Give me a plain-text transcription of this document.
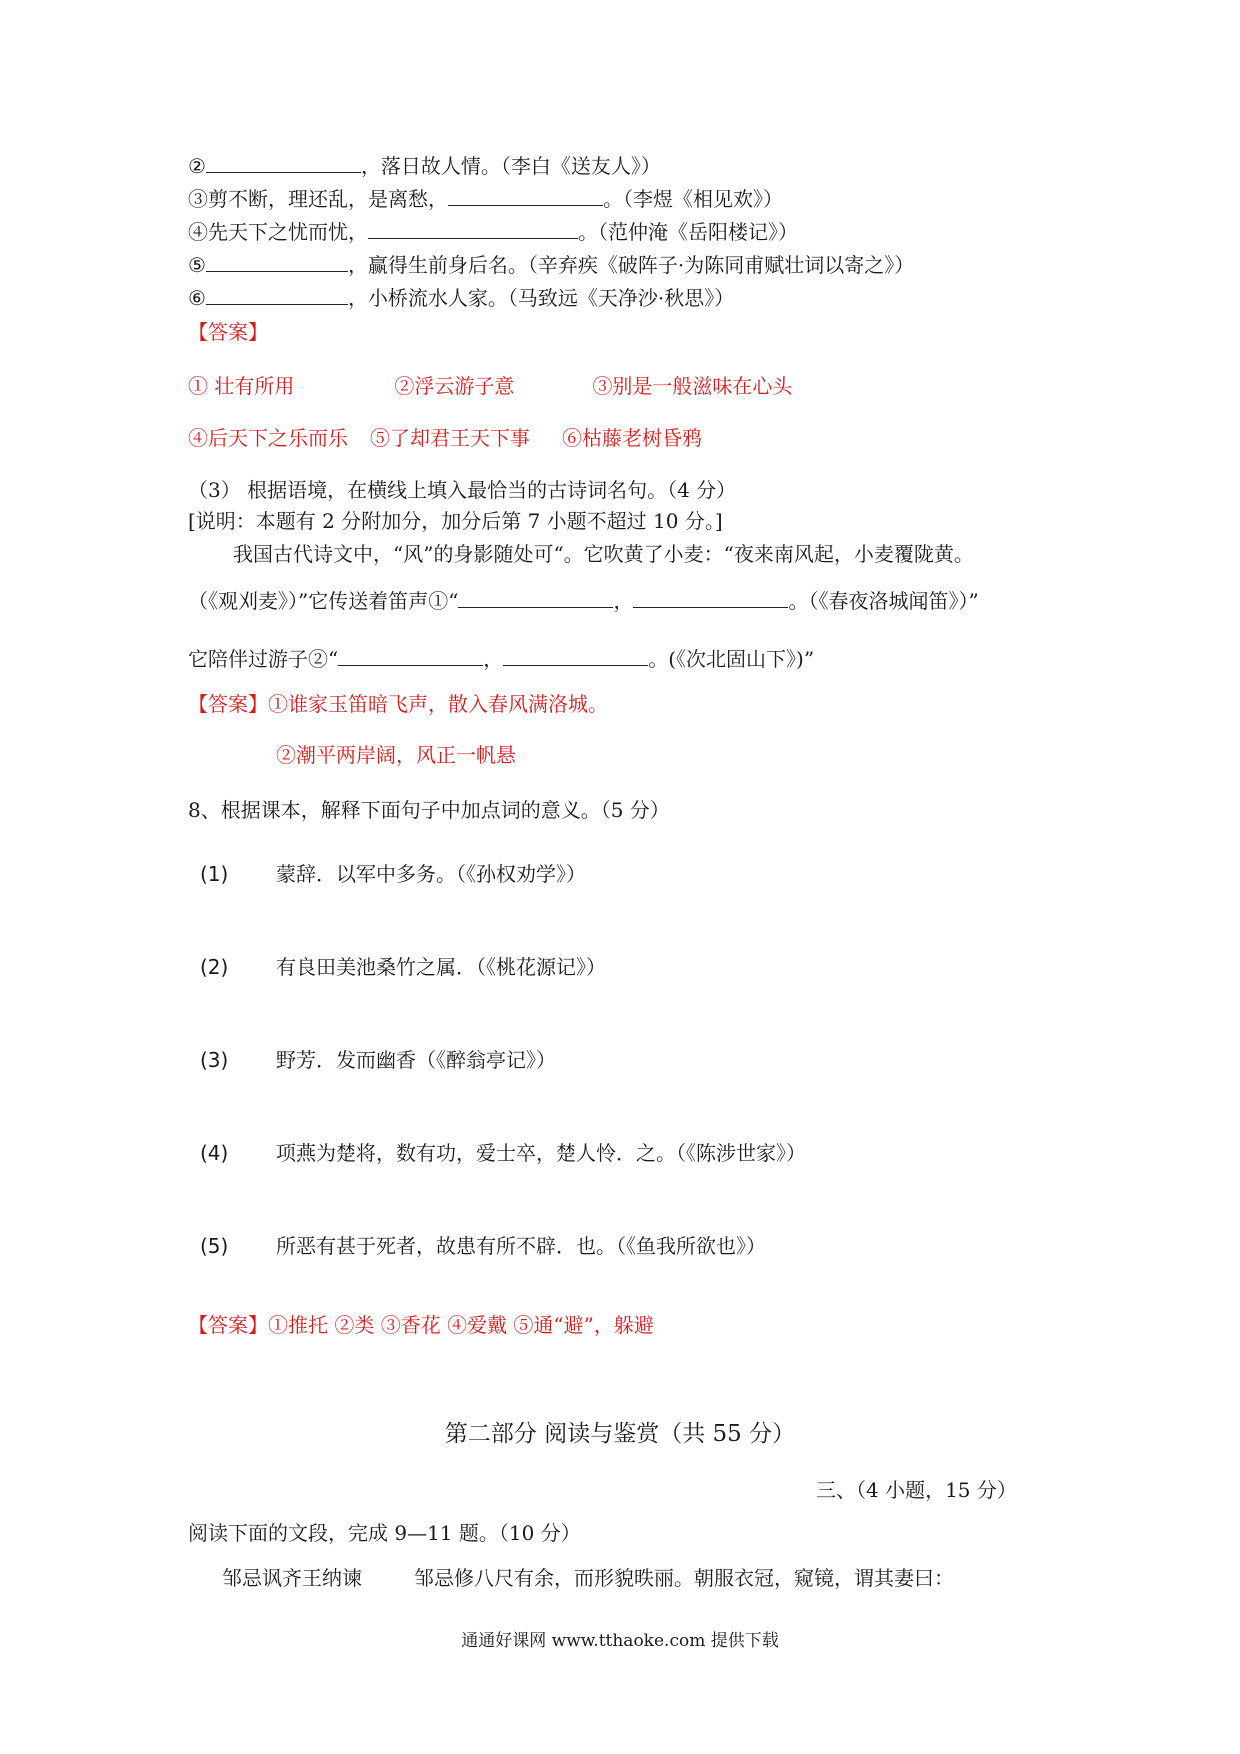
②	，落日故人情。（李白《送友人》）
③剪不断，理还乱，是离愁，	。（李煜《相见欢》）
④先天下之忧而忧，	。（范仲淹《岳阳楼记》）
⑤	，赢得生前身后名。（辛弃疾《破阵子·为陈同甫赋壮词以寄之》）
⑥	，小桥流水人家。（马致远《天净沙·秋思》）
【答案】
① 壮有所用	②浮云游子意	③别是一般滋味在心头
④后天下之乐而乐 ⑤了却君王天下事 ⑥枯藤老树昏鸦
（3） 根据语境，在横线上填入最恰当的古诗词名句。（4 分）
[说明：本题有 2 分附加分，加分后第 7 小题不超过 10 分。]
我国古代诗文中，“风”的身影随处可“。它吹黄了小麦：“夜来南风起，小麦覆陇黄。
（《观刈麦》）”它传送着笛声①“	，	。（《春夜洛城闻笛》）”
它陪伴过游子②“	，	。(《次北固山下》)”
【答案】①谁家玉笛暗飞声，散入春风满洛城。
②潮平两岸阔，风正一帆悬
8、根据课本，解释下面句子中加点词的意义。（5 分）
(1) 蒙辞．以军中多务。（《孙权劝学》）
(2) 有良田美池桑竹之属．（《桃花源记》）
(3) 野芳．发而幽香（《醉翁亭记》）
(4) 项燕为楚将，数有功，爱士卒，楚人怜．之。（《陈涉世家》）
(5) 所恶有甚于死者，故患有所不辟．也。（《鱼我所欲也》）
【答案】①推托 ②类 ③香花 ④爱戴 ⑤通“避”，躲避
第二部分 阅读与鉴赏（共 55 分）
三、（4 小题，15 分）
阅读下面的文段，完成 9—11 题。（10 分）
邹忌讽齐王纳谏	邹忌修八尺有余，而形貌昳丽。朝服衣冠，窥镜，谓其妻曰：
通通好课网 www.tthaoke.com 提供下载
